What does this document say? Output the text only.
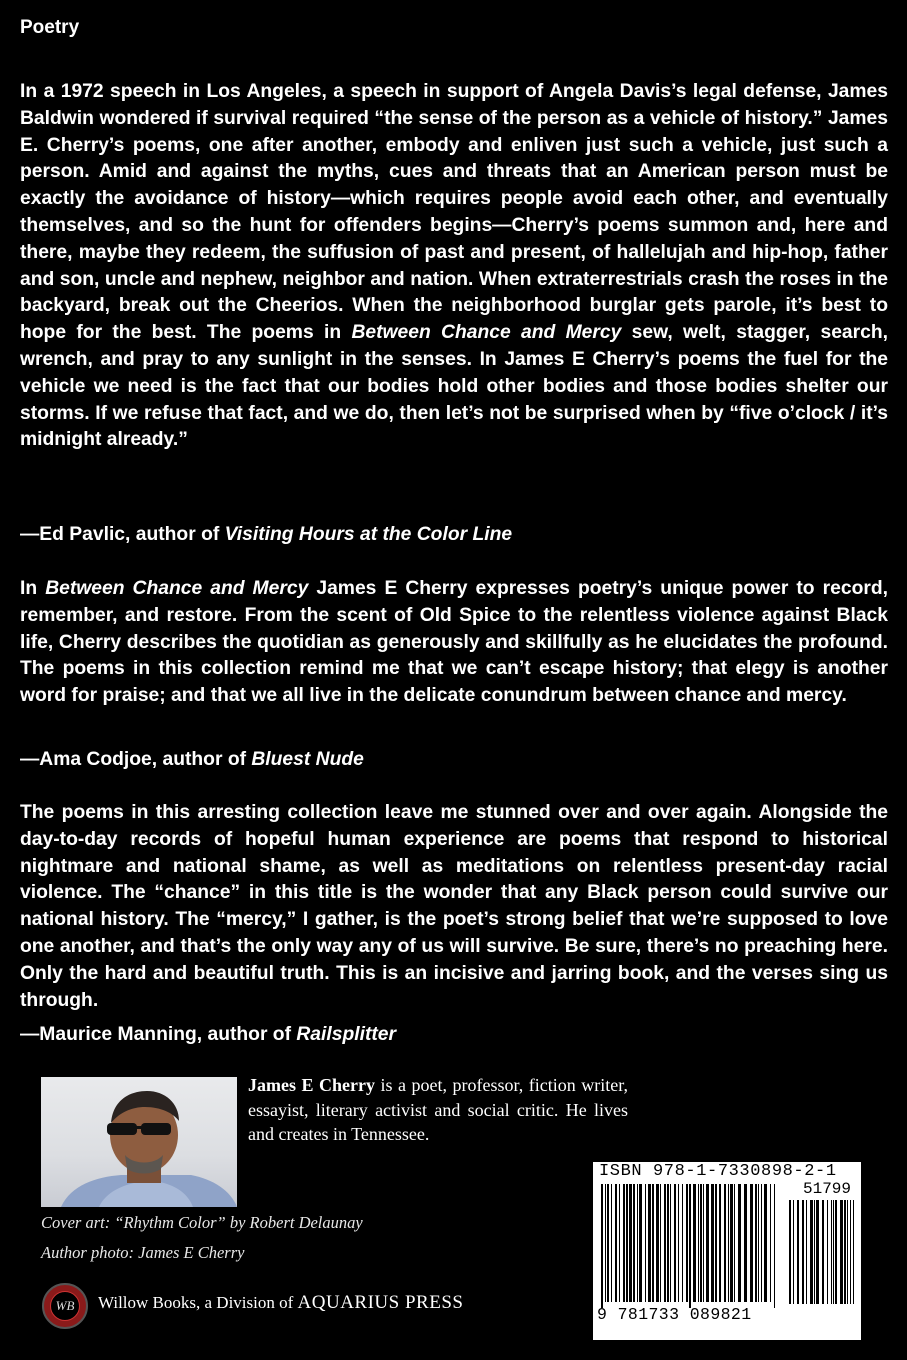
Poetry

In a 1972 speech in Los Angeles, a speech in support of Angela Davis’s legal defense, James Baldwin wondered if survival required “the sense of the person as a vehicle of history.” James E. Cherry’s poems, one after another, embody and enliven just such a vehicle, just such a person. Amid and against the myths, cues and threats that an American person must be exactly the avoidance of history—which requires people avoid each other, and eventually themselves, and so the hunt for offenders begins—Cherry’s poems summon and, here and there, maybe they redeem, the suffusion of past and present, of hallelujah and hip-hop, father and son, uncle and nephew, neighbor and nation. When extraterrestrials crash the roses in the backyard, break out the Cheerios. When the neighborhood burglar gets parole, it’s best to hope for the best. The poems in Between Chance and Mercy sew, welt, stagger, search, wrench, and pray to any sunlight in the senses. In James E Cherry’s poems the fuel for the vehicle we need is the fact that our bodies hold other bodies and those bodies shelter our storms. If we refuse that fact, and we do, then let’s not be surprised when by “five o’clock / it’s midnight already.”

—Ed Pavlic, author of Visiting Hours at the Color Line

In Between Chance and Mercy James E Cherry expresses poetry’s unique power to record, remember, and restore. From the scent of Old Spice to the relentless violence against Black life, Cherry describes the quotidian as generously and skillfully as he elucidates the profound. The poems in this collection remind me that we can’t escape history; that elegy is another word for praise; and that we all live in the delicate conundrum between chance and mercy.

—Ama Codjoe, author of Bluest Nude

The poems in this arresting collection leave me stunned over and over again. Alongside the day-to-day records of hopeful human experience are poems that respond to historical nightmare and national shame, as well as meditations on relentless present-day racial violence. The “chance” in this title is the wonder that any Black person could survive our national history. The “mercy,” I gather, is the poet’s strong belief that we’re supposed to love one another, and that’s the only way any of us will survive. Be sure, there’s no preaching here. Only the hard and beautiful truth. This is an incisive and jarring book, and the verses sing us through.

—Maurice Manning, author of Railsplitter

James E Cherry is a poet, professor, fiction writer, essayist, literary activist and social critic. He lives and creates in Tennessee.

Cover art: “Rhythm Color” by Robert Delaunay

Author photo: James E Cherry

WB	Willow Books, a Division of AQUARIUS PRESS
ISBN 978-1-7330898-2-1
51799
9 781733 089821
